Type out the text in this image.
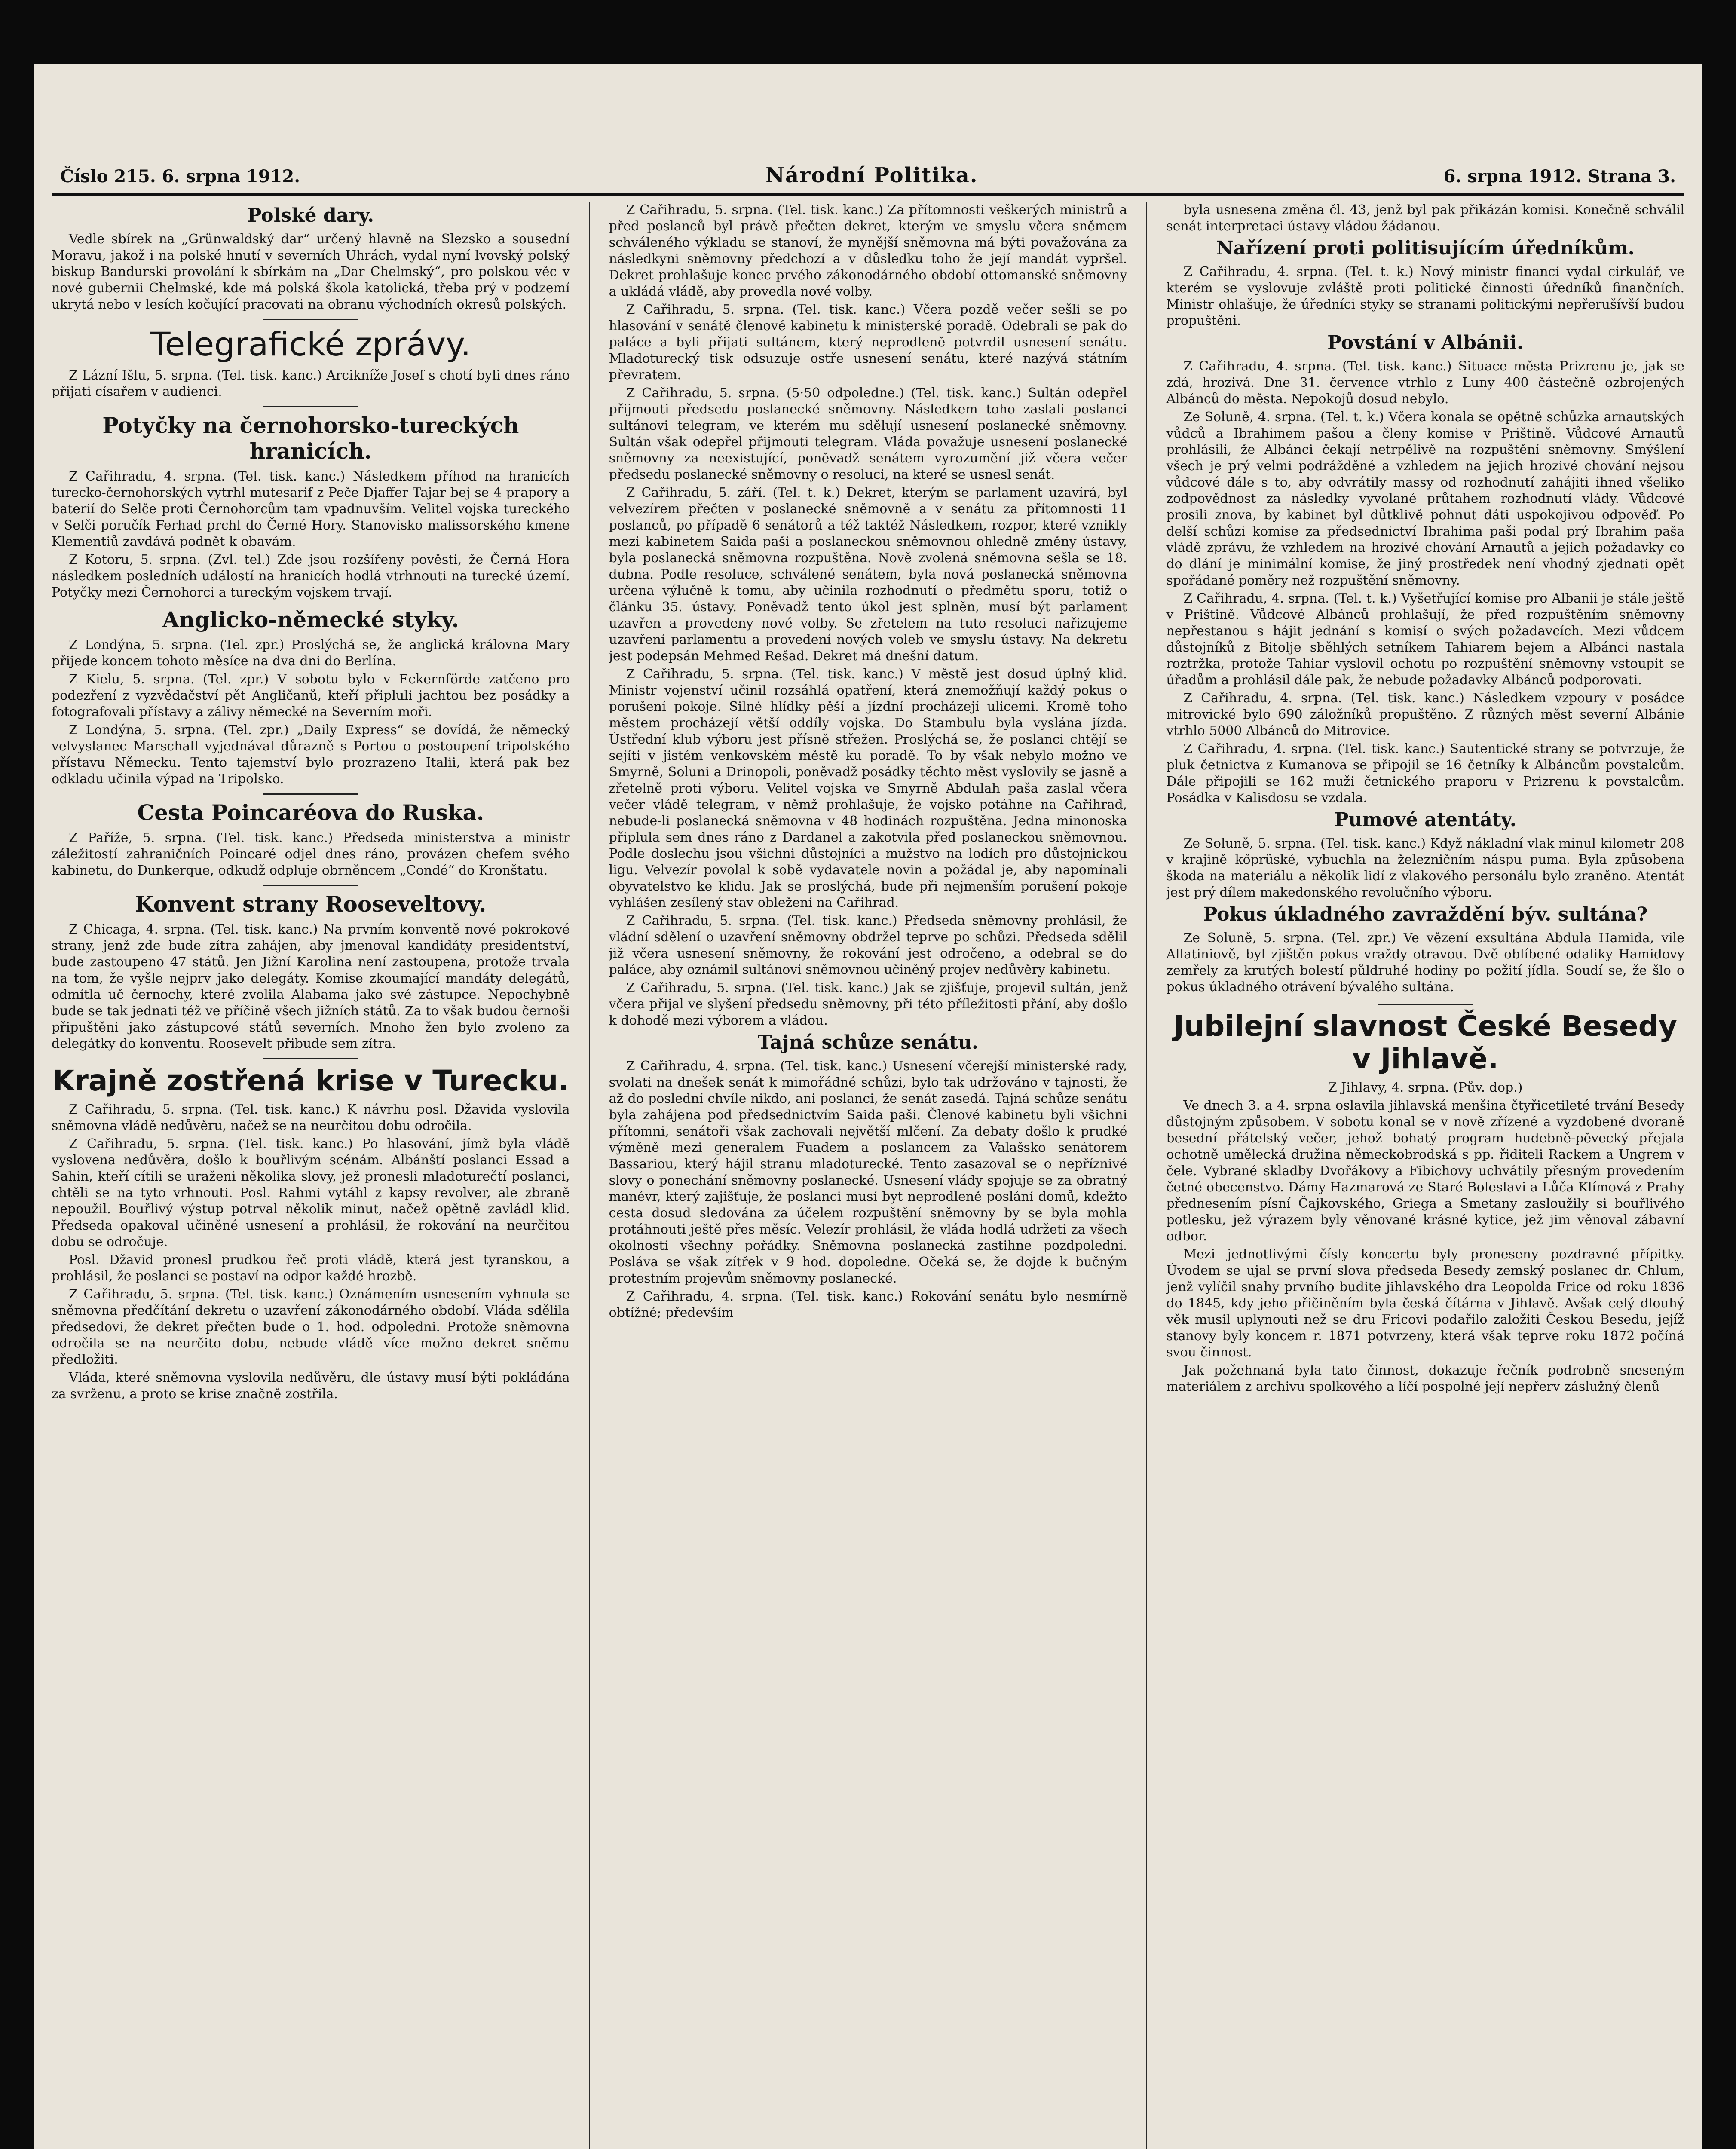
Číslo 215. 6. srpna 1912.	Národní Politika.	6. srpna 1912. Strana 3.
Polské dary.

Vedle sbírek na „Grünwaldský dar“ určený hlavně na Slezsko a sousední Moravu, jakož i na polské hnutí v severních Uhrách, vydal nyní lvovský polský biskup Bandurski provolání k sbírkám na „Dar Chelmský“, pro polskou věc v nové gubernii Chelmské, kde má polská škola katolická, třeba prý v podzemí ukrytá nebo v lesích kočující pracovati na obranu východních okresů polských.

Telegrafické zprávy.

Z Lázní Išlu, 5. srpna. (Tel. tisk. kanc.) Arcikníže Josef s chotí byli dnes ráno přijati císařem v audienci.

Potyčky na černohorsko-tureckých hranicích.

Z Cařihradu, 4. srpna. (Tel. tisk. kanc.) Následkem příhod na hranicích turecko-černohorských vytrhl mutesarif z Peče Djaffer Tajar bej se 4 prapory a baterií do Selče proti Černohorcům tam vpadnuvším. Velitel vojska tureckého v Selči poručík Ferhad prchl do Černé Hory. Stanovisko malissorského kmene Klementiů zavdává podnět k obavám.

Z Kotoru, 5. srpna. (Zvl. tel.) Zde jsou rozšířeny pověsti, že Černá Hora následkem posledních událostí na hranicích hodlá vtrhnouti na turecké území. Potyčky mezi Černohorci a tureckým vojskem trvají.

Anglicko-německé styky.

Z Londýna, 5. srpna. (Tel. zpr.) Proslýchá se, že anglická královna Mary přijede koncem tohoto měsíce na dva dni do Berlína.

Z Kielu, 5. srpna. (Tel. zpr.) V sobotu bylo v Eckernförde zatčeno pro podezření z vyzvědačství pět Angličanů, kteří připluli jachtou bez posádky a fotografovali přístavy a zálivy německé na Severním moři.

Z Londýna, 5. srpna. (Tel. zpr.) „Daily Express“ se dovídá, že německý velvyslanec Marschall vyjednával důrazně s Portou o postoupení tripolského přístavu Německu. Tento tajemství bylo prozrazeno Italii, která pak bez odkladu učinila výpad na Tripolsko.

Cesta Poincaréova do Ruska.

Z Paříže, 5. srpna. (Tel. tisk. kanc.) Předseda ministerstva a ministr záležitostí zahraničních Poincaré odjel dnes ráno, provázen chefem svého kabinetu, do Dunkerque, odkudž odpluje obrněncem „Condé“ do Kronštatu.

Konvent strany Rooseveltovy.

Z Chicaga, 4. srpna. (Tel. tisk. kanc.) Na prvním konventě nové pokrokové strany, jenž zde bude zítra zahájen, aby jmenoval kandidáty presidentství, bude zastoupeno 47 států. Jen Jižní Karolina není zastoupena, protože trvala na tom, že vyšle nejprv jako delegáty. Komise zkoumající mandáty delegátů, odmítla uč černochy, které zvolila Alabama jako své zástupce. Nepochybně bude se tak jednati též ve příčině všech jižních států. Za to však budou černoši připuštěni jako zástupcové států severních. Mnoho žen bylo zvoleno za delegátky do konventu. Roosevelt přibude sem zítra.

Krajně zostřená krise v Turecku.

Z Cařihradu, 5. srpna. (Tel. tisk. kanc.) K návrhu posl. Džavida vyslovila sněmovna vládě nedůvěru, načež se na neurčitou dobu odročila.

Z Cařihradu, 5. srpna. (Tel. tisk. kanc.) Po hlasování, jímž byla vládě vyslovena nedůvěra, došlo k bouřlivým scénám. Albánští poslanci Essad a Sahin, kteří cítili se uraženi několika slovy, jež pronesli mladoturečtí poslanci, chtěli se na tyto vrhnouti. Posl. Rahmi vytáhl z kapsy revolver, ale zbraně nepoužil. Bouřlivý výstup potrval několik minut, načež opětně zavládl klid. Předseda opakoval učiněné usnesení a prohlásil, že rokování na neurčitou dobu se odročuje.

Posl. Džavid pronesl prudkou řeč proti vládě, která jest tyranskou, a prohlásil, že poslanci se postaví na odpor každé hrozbě.

Z Cařihradu, 5. srpna. (Tel. tisk. kanc.) Oznámením usnesením vyhnula se sněmovna předčítání dekretu o uzavření zákonodárného období. Vláda sdělila předsedovi, že dekret přečten bude o 1. hod. odpoledni. Protože sněmovna odročila se na neurčito dobu, nebude vládě více možno dekret sněmu předložiti.

Vláda, které sněmovna vyslovila nedůvěru, dle ústavy musí býti pokládána za svrženu, a proto se krise značně zostřila.

Z Cařihradu, 5. srpna. (Tel. tisk. kanc.) Za přítomnosti veškerých ministrů a před poslanců byl právě přečten dekret, kterým ve smyslu včera sněmem schváleného výkladu se stanoví, že mynější sněmovna má býti považována za následkyni sněmovny předchozí a v důsledku toho že její mandát vypršel. Dekret prohlašuje konec prvého zákonodárného období ottomanské sněmovny a ukládá vládě, aby provedla nové volby.

Z Cařihradu, 5. srpna. (Tel. tisk. kanc.) Včera pozdě večer sešli se po hlasování v senátě členové kabinetu k ministerské poradě. Odebrali se pak do paláce a byli přijati sultánem, který neprodleně potvrdil usnesení senátu. Mladoturecký tisk odsuzuje ostře usnesení senátu, které nazývá státním převratem.

Z Cařihradu, 5. srpna. (5·50 odpoledne.) (Tel. tisk. kanc.) Sultán odepřel přijmouti předsedu poslanecké sněmovny. Následkem toho zaslali poslanci sultánovi telegram, ve kterém mu sdělují usnesení poslanecké sněmovny. Sultán však odepřel přijmouti telegram. Vláda považuje usnesení poslanecké sněmovny za neexistující, poněvadž senátem vyrozumění již včera večer předsedu poslanecké sněmovny o resoluci, na které se usnesl senát.

Z Cařihradu, 5. září. (Tel. t. k.) Dekret, kterým se parlament uzavírá, byl velvezírem přečten v poslanecké sněmovně a v senátu za přítomnosti 11 poslanců, po případě 6 senátorů a též taktéž Následkem, rozpor, které vznikly mezi kabinetem Saida paši a poslaneckou sněmovnou ohledně změny ústavy, byla poslanecká sněmovna rozpuštěna. Nově zvolená sněmovna sešla se 18. dubna. Podle resoluce, schválené senátem, byla nová poslanecká sněmovna určena výlučně k tomu, aby učinila rozhodnutí o předmětu sporu, totiž o článku 35. ústavy. Poněvadž tento úkol jest splněn, musí být parlament uzavřen a provedeny nové volby. Se zřetelem na tuto resoluci nařizujeme uzavření parlamentu a provedení nových voleb ve smyslu ústavy. Na dekretu jest podepsán Mehmed Rešad. Dekret má dnešní datum.

Z Cařihradu, 5. srpna. (Tel. tisk. kanc.) V městě jest dosud úplný klid. Ministr vojenství učinil rozsáhlá opatření, která znemožňují každý pokus o porušení pokoje. Silné hlídky pěší a jízdní procházejí ulicemi. Kromě toho městem procházejí větší oddíly vojska. Do Stambulu byla vyslána jízda. Ústřední klub výboru jest přísně střežen. Proslýchá se, že poslanci chtějí se sejíti v jistém venkovském městě ku poradě. To by však nebylo možno ve Smyrně, Soluni a Drinopoli, poněvadž posádky těchto měst vyslovily se jasně a zřetelně proti výboru. Velitel vojska ve Smyrně Abdulah paša zaslal včera večer vládě telegram, v němž prohlašuje, že vojsko potáhne na Cařihrad, nebude-li poslanecká sněmovna v 48 hodinách rozpuštěna. Jedna minonoska připlula sem dnes ráno z Dardanel a zakotvila před poslaneckou sněmovnou. Podle doslechu jsou všichni důstojníci a mužstvo na lodích pro důstojnickou ligu. Velvezír povolal k sobě vydavatele novin a požádal je, aby napomínali obyvatelstvo ke klidu. Jak se proslýchá, bude při nejmenším porušení pokoje vyhlášen zesílený stav obležení na Cařihrad.

Z Cařihradu, 5. srpna. (Tel. tisk. kanc.) Předseda sněmovny prohlásil, že vládní sdělení o uzavření sněmovny obdržel teprve po schůzi. Předseda sdělil již včera usnesení sněmovny, že rokování jest odročeno, a odebral se do paláce, aby oznámil sultánovi sněmovnou učiněný projev nedůvěry kabinetu.

Z Cařihradu, 5. srpna. (Tel. tisk. kanc.) Jak se zjišťuje, projevil sultán, jenž včera přijal ve slyšení předsedu sněmovny, při této příležitosti přání, aby došlo k dohodě mezi výborem a vládou.

Tajná schůze senátu.

Z Cařihradu, 4. srpna. (Tel. tisk. kanc.) Usnesení včerejší ministerské rady, svolati na dnešek senát k mimořádné schůzi, bylo tak udržováno v tajnosti, že až do poslední chvíle nikdo, ani poslanci, že senát zasedá. Tajná schůze senátu byla zahájena pod předsednictvím Saida paši. Členové kabinetu byli všichni přítomni, senátoři však zachovali největší mlčení. Za debaty došlo k prudké výměně mezi generalem Fuadem a poslancem za Valašsko senátorem Bassariou, který hájil stranu mladoturecké. Tento zasazoval se o nepříznivé slovy o ponechání sněmovny poslanecké. Usnesení vlády spojuje se za obratný manévr, který zajišťuje, že poslanci musí byt neprodleně poslání domů, kdežto cesta dosud sledována za účelem rozpuštění sněmovny by se byla mohla protáhnouti ještě přes měsíc. Velezír prohlásil, že vláda hodlá udržeti za všech okolností všechny pořádky. Sněmovna poslanecká zastihne pozdpolední. Posláva se však zítřek v 9 hod. dopoledne. Očeká se, že dojde k bučným protestním projevům sněmovny poslanecké.

Z Cařihradu, 4. srpna. (Tel. tisk. kanc.) Rokování senátu bylo nesmírně obtížné; především

byla usnesena změna čl. 43, jenž byl pak přikázán komisi. Konečně schválil senát interpretaci ústavy vládou žádanou.

Nařízení proti politisujícím úředníkům.

Z Cařihradu, 4. srpna. (Tel. t. k.) Nový ministr financí vydal cirkulář, ve kterém se vyslovuje zvláště proti politické činnosti úředníků finančních. Ministr ohlašuje, že úředníci styky se stranami politickými nepřerušívší budou propuštěni.

Povstání v Albánii.

Z Cařihradu, 4. srpna. (Tel. tisk. kanc.) Situace města Prizrenu je, jak se zdá, hrozivá. Dne 31. července vtrhlo z Luny 400 částečně ozbrojených Albánců do města. Nepokojů dosud nebylo.

Ze Soluně, 4. srpna. (Tel. t. k.) Včera konala se opětně schůzka arnautských vůdců a Ibrahimem pašou a členy komise v Prištině. Vůdcové Arnautů prohlásili, že Albánci čekají netrpělivě na rozpuštění sněmovny. Smýšlení všech je prý velmi podrážděné a vzhledem na jejich hrozivé chování nejsou vůdcové dále s to, aby odvrátily massy od rozhodnutí zahájiti ihned všeliko zodpovědnost za následky vyvolané průtahem rozhodnutí vlády. Vůdcové prosili znova, by kabinet byl důtklivě pohnut dáti uspokojivou odpověď. Po delší schůzi komise za předsednictví Ibrahima paši podal prý Ibrahim paša vládě zprávu, že vzhledem na hrozivé chování Arnautů a jejich požadavky co do dlání je minimální komise, že jiný prostředek není vhodný zjednati opět spořádané poměry než rozpuštění sněmovny.

Z Cařihradu, 4. srpna. (Tel. t. k.) Vyšetřující komise pro Albanii je stále ještě v Prištině. Vůdcové Albánců prohlašují, že před rozpuštěním sněmovny nepřestanou s hájit jednání s komisí o svých požadavcích. Mezi vůdcem důstojníků z Bitolje sběhlých setníkem Tahiarem bejem a Albánci nastala roztržka, protože Tahiar vyslovil ochotu po rozpuštění sněmovny vstoupit se úřadům a prohlásil dále pak, že nebude požadavky Albánců podporovati.

Z Cařihradu, 4. srpna. (Tel. tisk. kanc.) Následkem vzpoury v posádce mitrovické bylo 690 záložníků propuštěno. Z různých měst severní Albánie vtrhlo 5000 Albánců do Mitrovice.

Z Cařihradu, 4. srpna. (Tel. tisk. kanc.) Sautentické strany se potvrzuje, že pluk četnictva z Kumanova se připojil se 16 četníky k Albáncům povstalcům. Dále připojili se 162 muži četnického praporu v Prizrenu k povstalcům. Posádka v Kalisdosu se vzdala.

Pumové atentáty.

Ze Soluně, 5. srpna. (Tel. tisk. kanc.) Když nákladní vlak minul kilometr 208 v krajině kőprüské, vybuchla na železničním náspu puma. Byla způsobena škoda na materiálu a několik lidí z vlakového personálu bylo zraněno. Atentát jest prý dílem makedonského revolučního výboru.

Pokus úkladného zavraždění býv. sultána?

Ze Soluně, 5. srpna. (Tel. zpr.) Ve vězení exsultána Abdula Hamida, vile Allatiniově, byl zjištěn pokus vraždy otravou. Dvě oblíbené odaliky Hamidovy zemřely za krutých bolestí půldruhé hodiny po požití jídla. Soudí se, že šlo o pokus úkladného otrávení bývalého sultána.

Jubilejní slavnost České Besedy v Jihlavě.

Z Jihlavy, 4. srpna. (Pův. dop.)

Ve dnech 3. a 4. srpna oslavila jihlavská menšina čtyřicetileté trvání Besedy důstojným způsobem. V sobotu konal se v nově zřízené a vyzdobené dvoraně besední přátelský večer, jehož bohatý program hudebně-pěvecký přejala ochotně umělecká družina německobrodská s pp. řiditeli Rackem a Ungrem v čele. Vybrané skladby Dvořákovy a Fibichovy uchvátily přesným provedením četné obecenstvo. Dámy Hazmarová ze Staré Boleslavi a Lůča Klímová z Prahy přednesením písní Čajkovského, Griega a Smetany zasloužily si bouřlivého potlesku, jež výrazem byly věnované krásné kytice, jež jim věnoval zábavní odbor.

Mezi jednotlivými čísly koncertu byly pronesenу pozdravné přípitky. Úvodem se ujal se první slova předseda Besedy zemský poslanec dr. Chlum, jenž vylíčil snahy prvního budite jihlavského dra Leopolda Frice od roku 1836 do 1845, kdy jeho přičiněním byla česká čítárna v Jihlavě. Avšak celý dlouhý věk musil uplynouti než se dru Fricovi podařilo založiti Českou Besedu, jejíž stanovy byly koncem r. 1871 potvrzeny, která však teprve roku 1872 počíná svou činnost.

Jak požehnaná byla tato činnost, dokazuje řečník podrobně sneseným materiálem z archivu spolkového a líčí pospolné její nepřerv záslužný členů
